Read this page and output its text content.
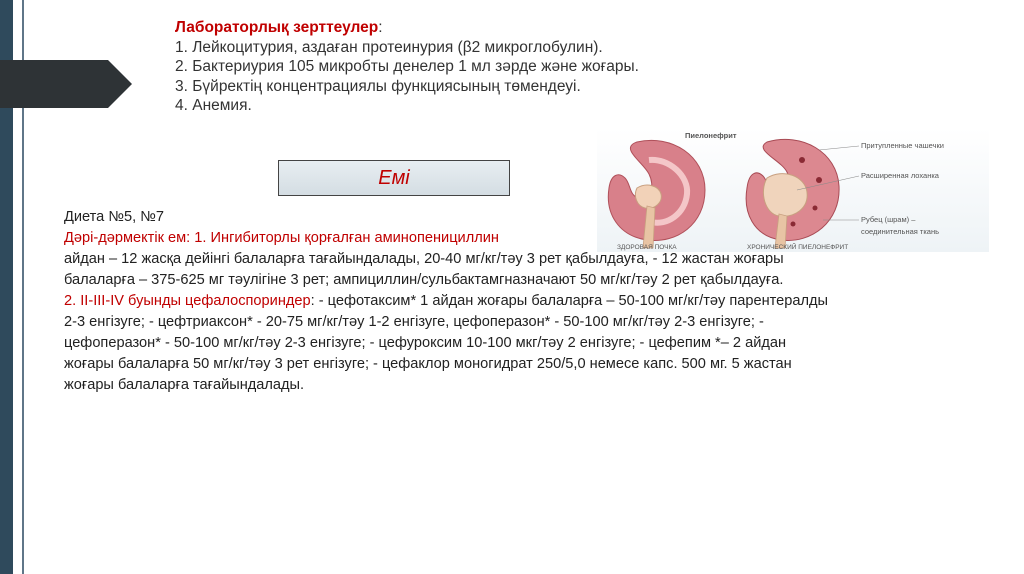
Лабораторлық зерттеулер:
1. Лейкоцитурия, аздаған протеинурия (β2 микроглобулин).
2. Бактериурия 105 микробты денелер 1 мл зәрде және жоғары.
3. Бүйректің концентрациялы функциясының төмендеуі.
4. Анемия.
Емі
Диета №5, №7
Дәрі-дәрмектік ем: 1. Ингибиторлы қорғалған аминопенициллин
айдан – 12 жасқа дейінгі балаларға тағайындалады, 20-40 мг/кг/тәу 3 рет қабылдауға, - 12 жастан жоғары
балаларға – 375-625 мг тәулігіне 3 рет; ампициллин/сульбактамгназначают 50 мг/кг/тәу 2 рет қабылдауға.
2. II-III-IV буынды цефалоспориндер: - цефотаксим* 1 айдан жоғары балаларға – 50-100 мг/кг/тәу парентералды
2-3 енгізуге; - цефтриаксон* - 20-75 мг/кг/тәу 1-2 енгізуге, цефоперазон* - 50-100 мг/кг/тәу 2-3 енгізуге; -
цефоперазон* - 50-100 мг/кг/тәу 2-3 енгізуге; - цефуроксим 10-100 мкг/тәу 2 енгізуге; - цефепим *– 2 айдан
жоғары балаларға 50 мг/кг/тәу 3 рет енгізуге; - цефаклор моногидрат 250/5,0 немесе капс. 500 мг. 5 жастан
жоғары балаларға тағайындалады.
Пиелонефрит
Притупленные чашечки
Расширенная лоханка
Рубец (шрам) –
соединительная ткань
ЗДОРОВАЯ ПОЧКА	ХРОНИЧЕСКИЙ ПИЕЛОНЕФРИТ
